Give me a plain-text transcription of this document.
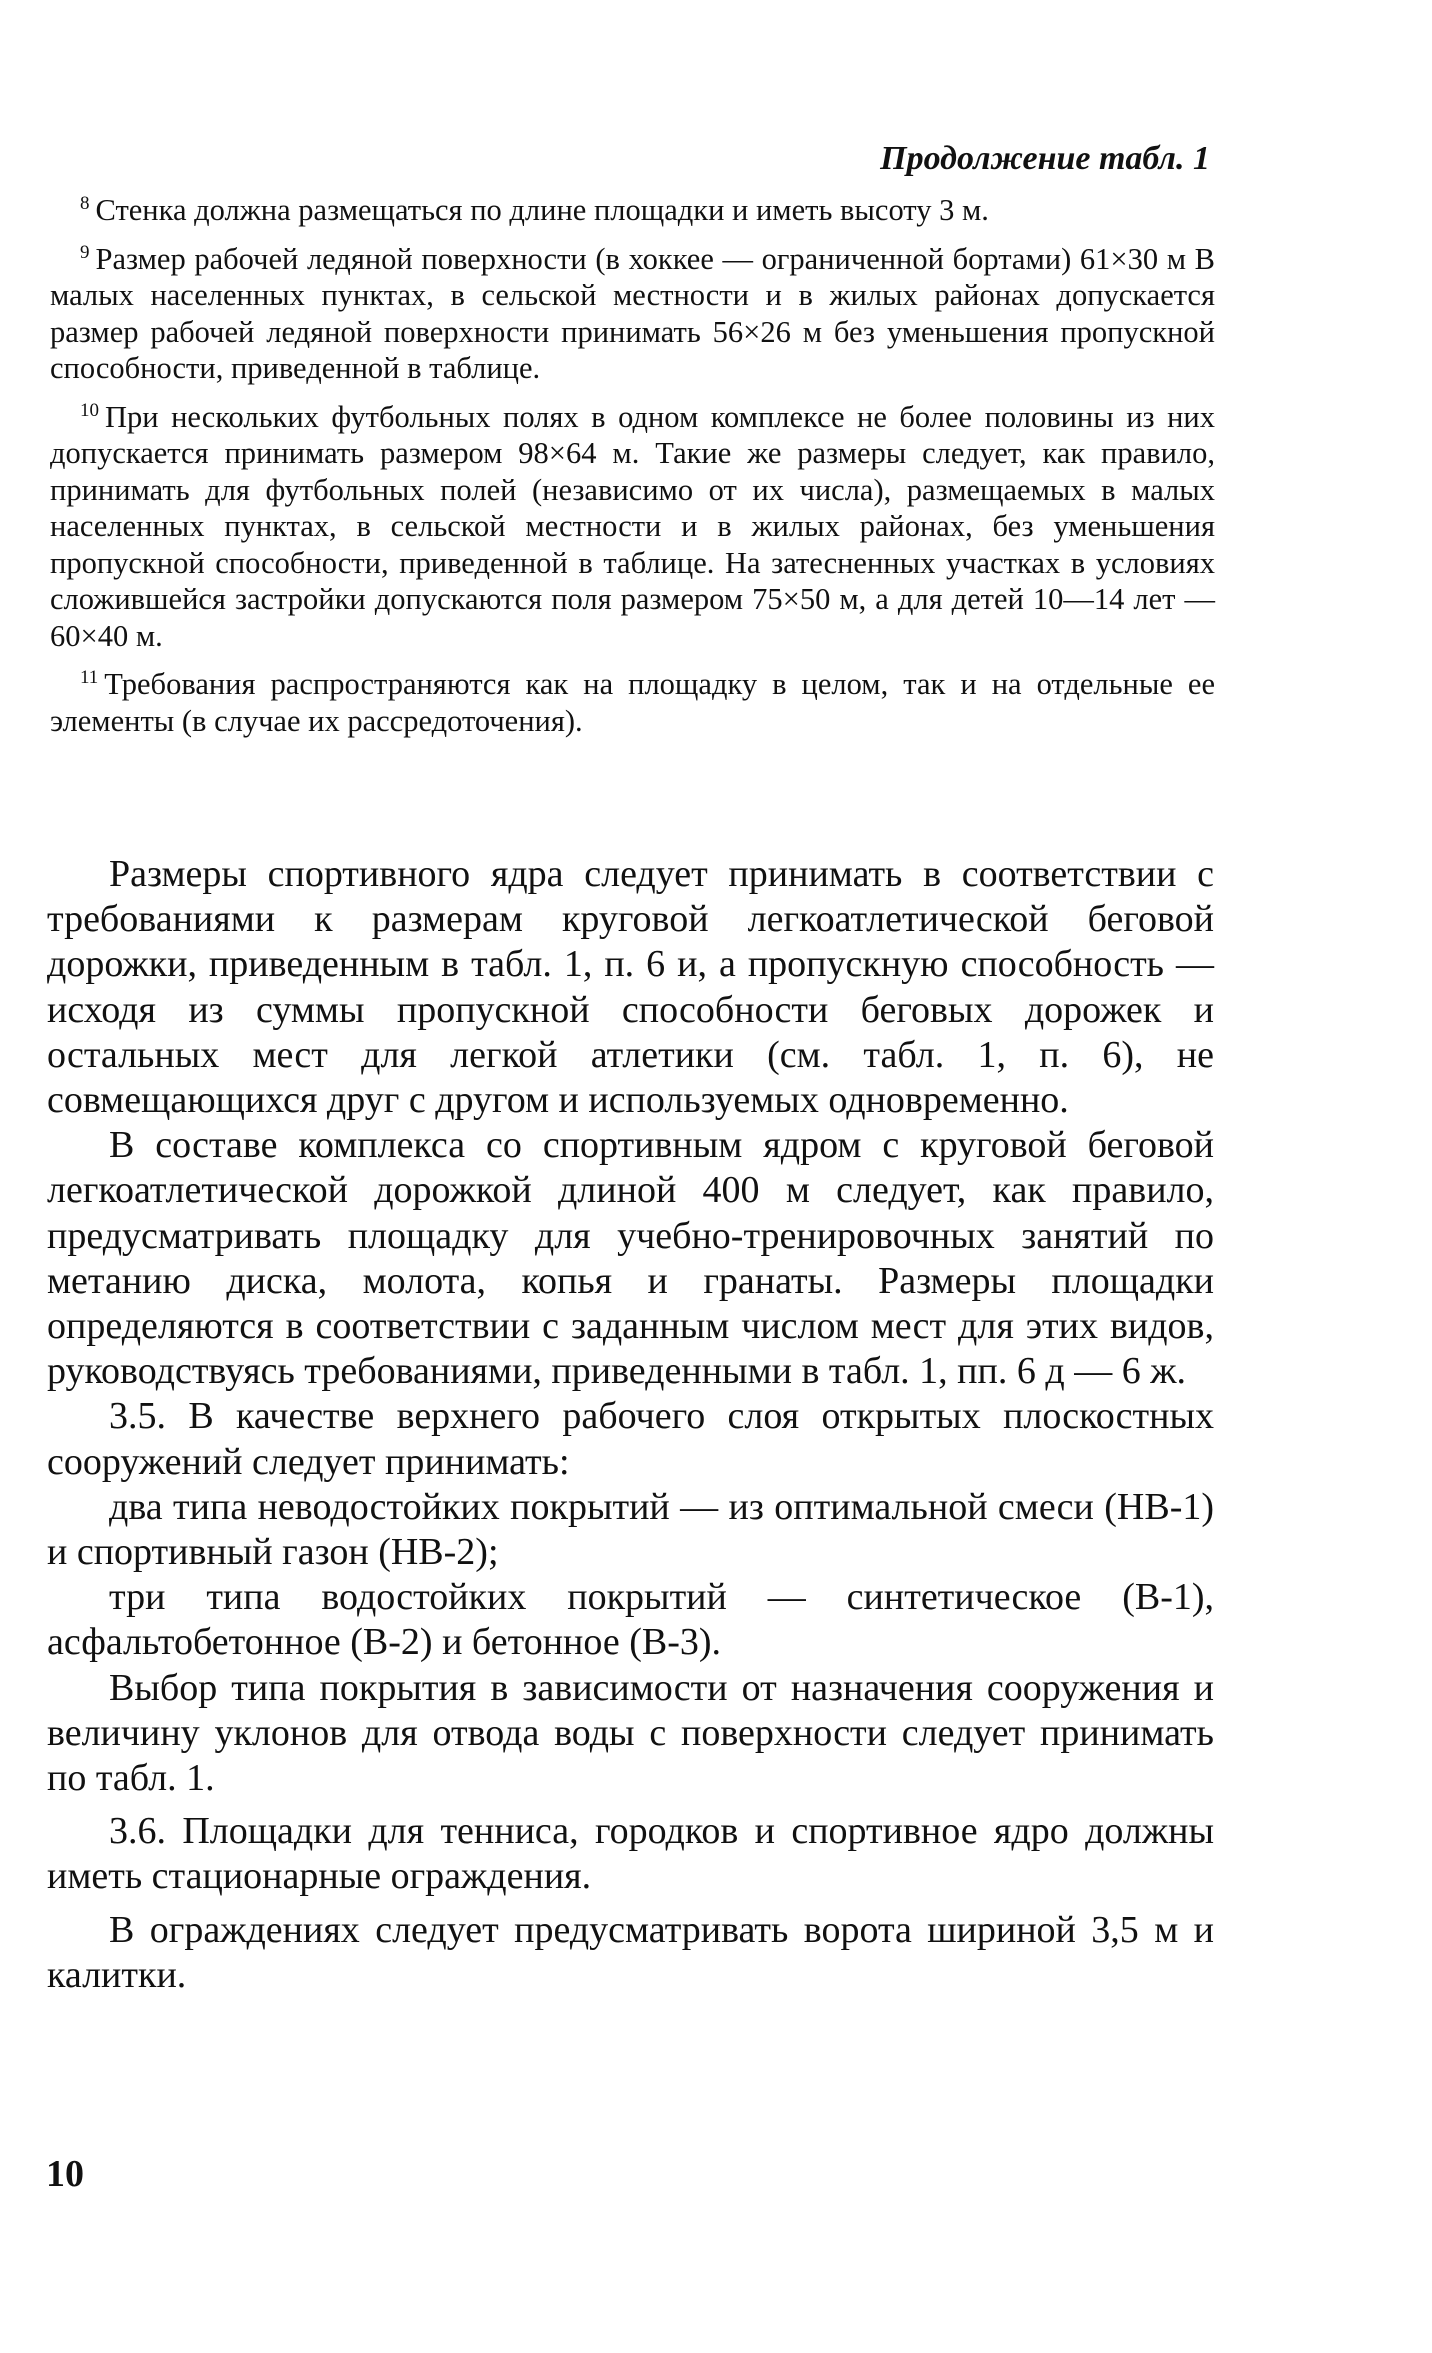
Продолжение табл. 1

$^8$ Стенка должна размещаться по длине площадки и иметь высоту 3 м.

$^9$ Размер рабочей ледяной поверхности (в хоккее — ограниченной бортами) 61×30 м В малых населенных пунктах, в сельской местности и в жилых районах допускается размер рабочей ледяной поверхности принимать 56×26 м без уменьшения пропускной способности, приведенной в таблице.

$^{10}$ При нескольких футбольных полях в одном комплексе не более половины из них допускается принимать размером 98×64 м. Такие же размеры следует, как правило, принимать для футбольных полей (независимо от их числа), размещаемых в малых населенных пунктах, в сельской местности и в жилых районах, без уменьшения пропускной способности, приведенной в таблице. На затесненных участках в условиях сложившейся застройки допускаются поля размером 75×50 м, а для детей 10—14 лет — 60×40 м.

$^{11}$ Требования распространяются как на площадку в целом, так и на отдельные ее элементы (в случае их рассредоточения).

Размеры спортивного ядра следует принимать в соответствии с требованиями к размерам круговой легкоатлетической беговой дорожки, приведенным в табл. 1, п. 6 и, а пропускную способность — исходя из суммы пропускной способности беговых дорожек и остальных мест для легкой атлетики (см. табл. 1, п. 6), не совмещающихся друг с другом и используемых одновременно.

В составе комплекса со спортивным ядром с круговой беговой легкоатлетической дорожкой длиной 400 м следует, как правило, предусматривать площадку для учебно-тренировочных занятий по метанию диска, молота, копья и гранаты. Размеры площадки определяются в соответствии с заданным числом мест для этих видов, руководствуясь требованиями, приведенными в табл. 1, пп. 6 д — 6 ж.

3.5. В качестве верхнего рабочего слоя открытых плоскостных сооружений следует принимать:

два типа неводостойких покрытий — из оптимальной смеси (НВ-1) и спортивный газон (НВ-2);

три типа водостойких покрытий — синтетическое (В-1), асфальтобетонное (В-2) и бетонное (В-3).

Выбор типа покрытия в зависимости от назначения сооружения и величину уклонов для отвода воды с поверхности следует принимать по табл. 1.

3.6. Площадки для тенниса, городков и спортивное ядро должны иметь стационарные ограждения.

В ограждениях следует предусматривать ворота шириной 3,5 м и калитки.

10
